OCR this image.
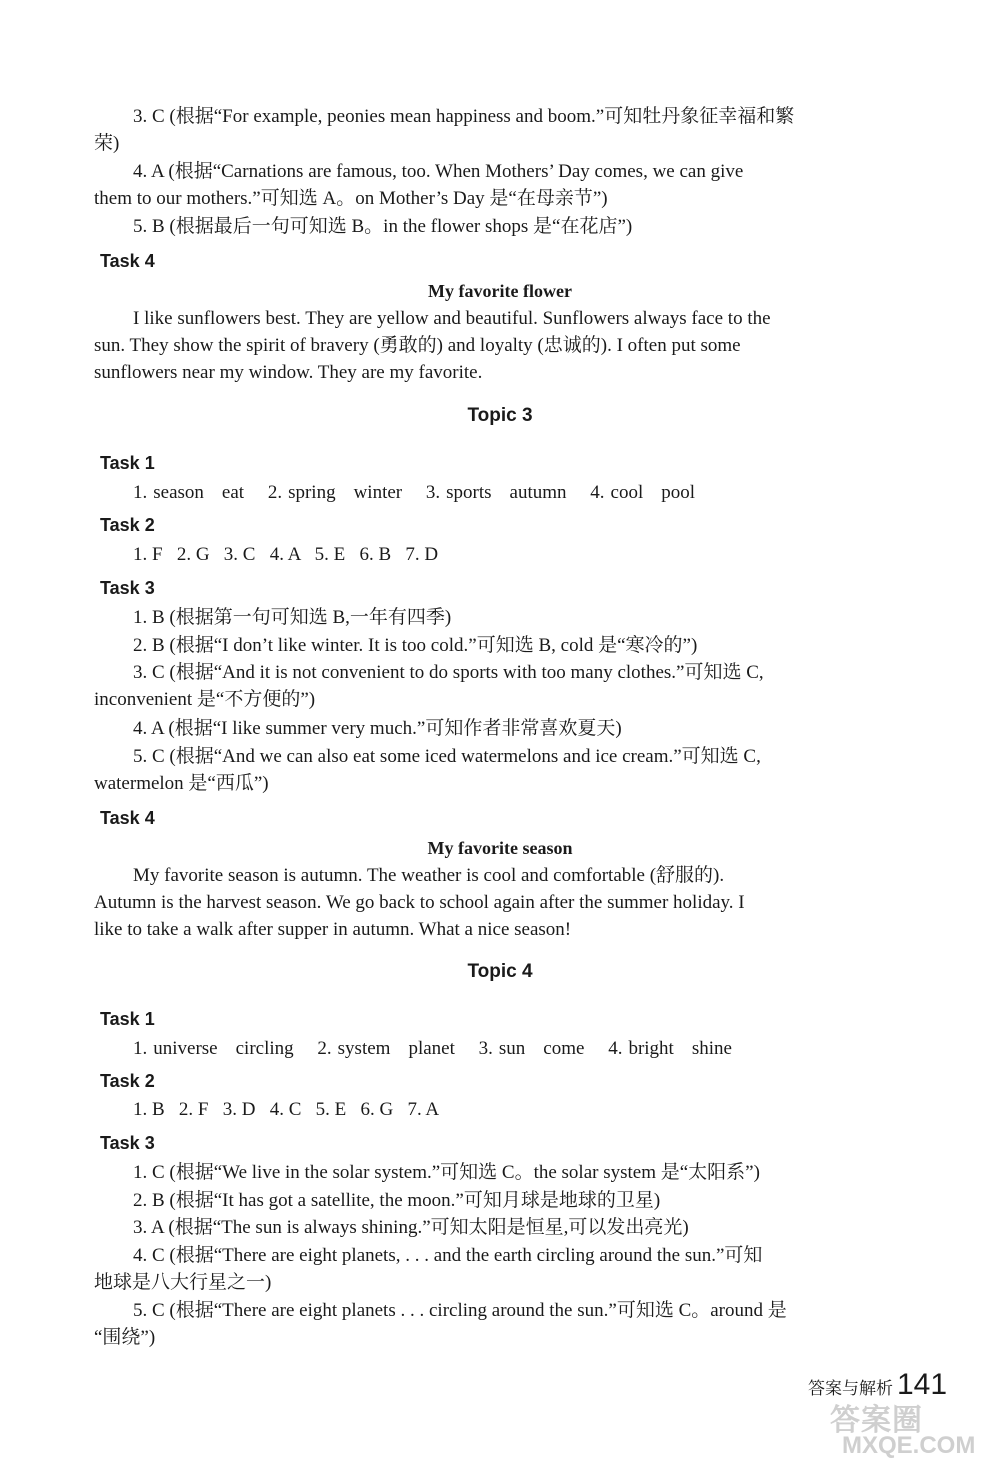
3. C (根据“For example, peonies mean happiness and boom.”可知牡丹象征幸福和繁
荣)
4. A (根据“Carnations are famous, too. When Mothers’ Day comes, we can give
them to our mothers.”可知选 A。on Mother’s Day 是“在母亲节”)
5. B (根据最后一句可知选 B。in the flower shops 是“在花店”)
Task 4
My favorite flower
I like sunflowers best. They are yellow and beautiful. Sunflowers always face to the
sun. They show the spirit of bravery (勇敢的) and loyalty (忠诚的). I often put some
sunflowers near my window. They are my favorite.
Topic 3
Task 1
1. season eat 2. spring winter 3. sports autumn 4. cool pool
Task 2
1. F   2. G   3. C   4. A   5. E   6. B   7. D
Task 3
1. B (根据第一句可知选 B,一年有四季)
2. B (根据“I don’t like winter. It is too cold.”可知选 B, cold 是“寒冷的”)
3. C (根据“And it is not convenient to do sports with too many clothes.”可知选 C,
inconvenient 是“不方便的”)
4. A (根据“I like summer very much.”可知作者非常喜欢夏天)
5. C (根据“And we can also eat some iced watermelons and ice cream.”可知选 C,
watermelon 是“西瓜”)
Task 4
My favorite season
My favorite season is autumn. The weather is cool and comfortable (舒服的).
Autumn is the harvest season. We go back to school again after the summer holiday. I
like to take a walk after supper in autumn. What a nice season!
Topic 4
Task 1
1. universe circling 2. system planet 3. sun come 4. bright shine
Task 2
1. B   2. F   3. D   4. C   5. E   6. G   7. A
Task 3
1. C (根据“We live in the solar system.”可知选 C。the solar system 是“太阳系”)
2. B (根据“It has got a satellite, the moon.”可知月球是地球的卫星)
3. A (根据“The sun is always shining.”可知太阳是恒星,可以发出亮光)
4. C (根据“There are eight planets, . . . and the earth circling around the sun.”可知
地球是八大行星之一)
5. C (根据“There are eight planets . . . circling around the sun.”可知选 C。around 是
“围绕”)
答案与解析 141
答案圈
MXQE.COM
